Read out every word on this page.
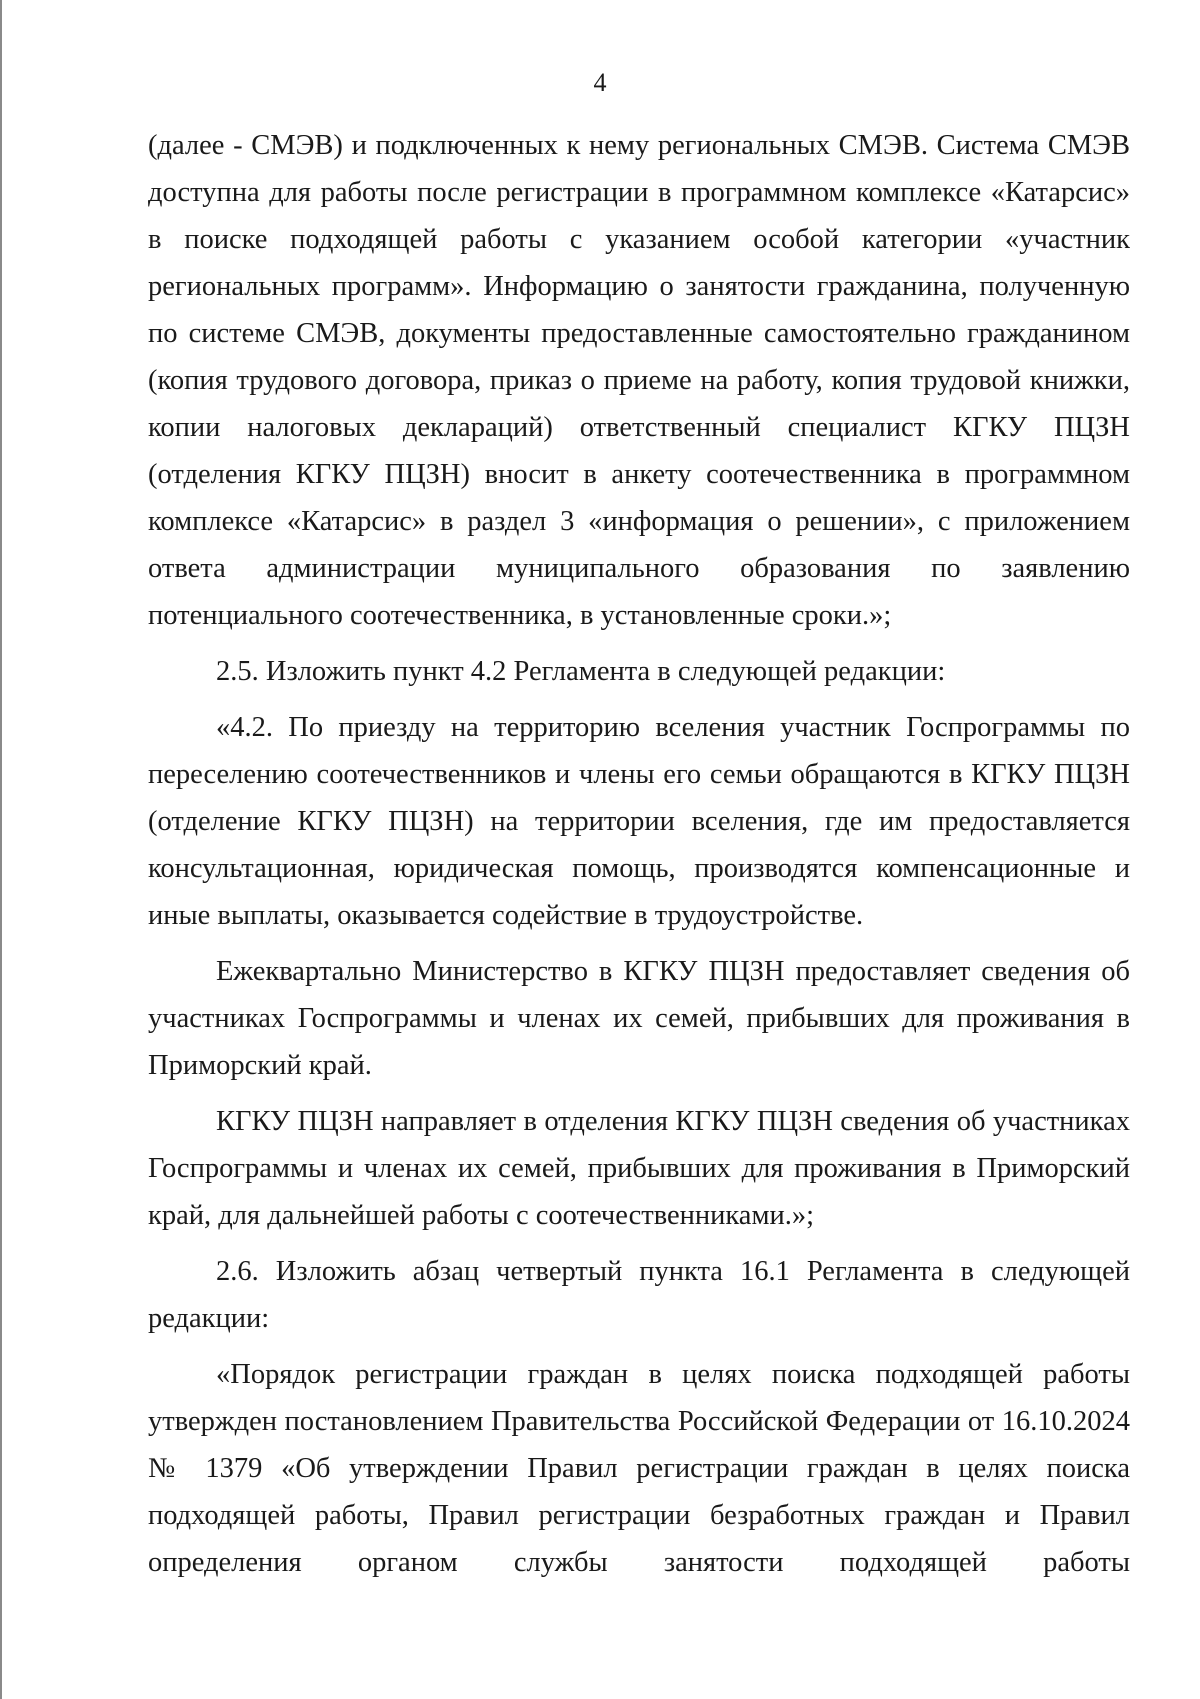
4

(далее - СМЭВ) и подключенных к нему региональных СМЭВ. Система СМЭВ доступна для работы после регистрации в программном комплексе «Катарсис» в поиске подходящей работы с указанием особой категории «участник региональных программ». Информацию о занятости гражданина, полученную по системе СМЭВ, документы предоставленные самостоятельно гражданином (копия трудового договора, приказ о приеме на работу, копия трудовой книжки, копии налоговых деклараций) ответственный специалист КГКУ ПЦЗН (отделения КГКУ ПЦЗН) вносит в анкету соотечественника в программном комплексе «Катарсис» в раздел 3 «информация о решении», с приложением ответа администрации муниципального образования по заявлению потенциального соотечественника, в установленные сроки.»;

2.5. Изложить пункт 4.2 Регламента в следующей редакции:

«4.2. По приезду на территорию вселения участник Госпрограммы по переселению соотечественников и члены его семьи обращаются в КГКУ ПЦЗН (отделение КГКУ ПЦЗН) на территории вселения, где им предоставляется консультационная, юридическая помощь, производятся компенсационные и иные выплаты, оказывается содействие в трудоустройстве.

Ежеквартально Министерство в КГКУ ПЦЗН предоставляет сведения об участниках Госпрограммы и членах их семей, прибывших для проживания в Приморский край.

КГКУ ПЦЗН направляет в отделения КГКУ ПЦЗН сведения об участниках Госпрограммы и членах их семей, прибывших для проживания в Приморский край, для дальнейшей работы с соотечественниками.»;

2.6. Изложить абзац четвертый пункта 16.1 Регламента в следующей редакции:

«Порядок регистрации граждан в целях поиска подходящей работы утвержден постановлением Правительства Российской Федерации от 16.10.2024 № 1379 «Об утверждении Правил регистрации граждан в целях поиска подходящей работы, Правил регистрации безработных граждан и Правил определения органом службы занятости подходящей работы
